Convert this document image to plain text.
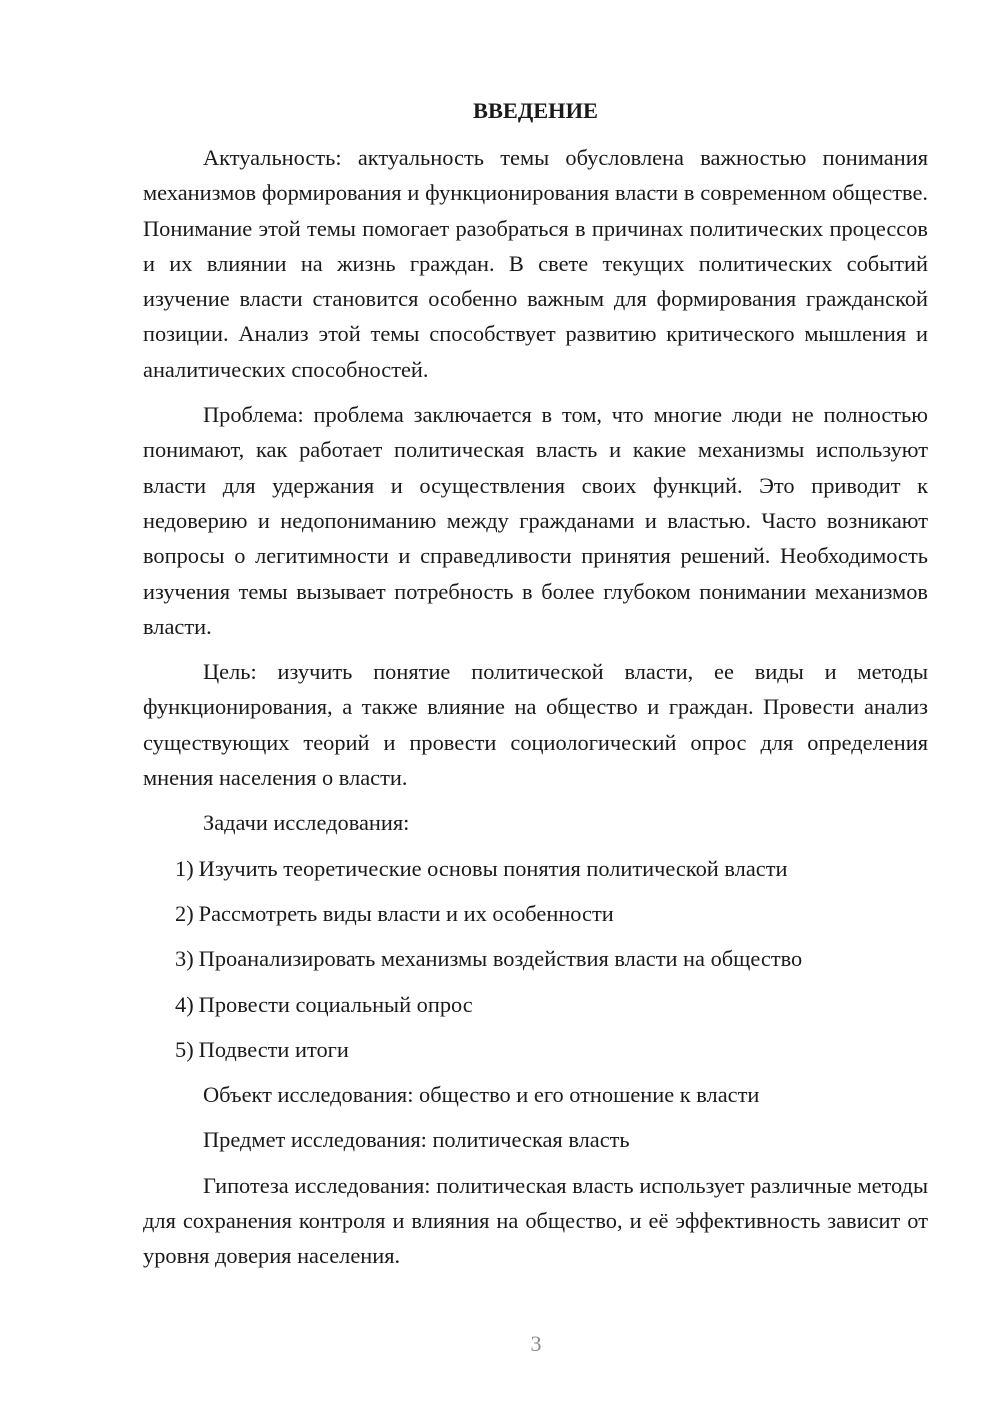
ВВЕДЕНИЕ

Актуальность: актуальность темы обусловлена важностью понимания механизмов формирования и функционирования власти в современном обществе. Понимание этой темы помогает разобраться в причинах политических процессов и их влиянии на жизнь граждан. В свете текущих политических событий изучение власти становится особенно важным для формирования гражданской позиции. Анализ этой темы способствует развитию критического мышления и аналитических способностей.

Проблема: проблема заключается в том, что многие люди не полностью понимают, как работает политическая власть и какие механизмы используют власти для удержания и осуществления своих функций. Это приводит к недоверию и недопониманию между гражданами и властью. Часто возникают вопросы о легитимности и справедливости принятия решений. Необходимость изучения темы вызывает потребность в более глубоком понимании механизмов власти.

Цель: изучить понятие политической власти, ее виды и методы функционирования, а также влияние на общество и граждан. Провести анализ существующих теорий и провести социологический опрос для определения мнения населения о власти.

Задачи исследования:
1) Изучить теоретические основы понятия политической власти
2) Рассмотреть виды власти и их особенности
3) Проанализировать механизмы воздействия власти на общество
4) Провести социальный опрос
5) Подвести итоги
Объект исследования: общество и его отношение к власти
Предмет исследования: политическая власть

Гипотеза исследования: политическая власть использует различные методы для сохранения контроля и влияния на общество, и её эффективность зависит от уровня доверия населения.

3
